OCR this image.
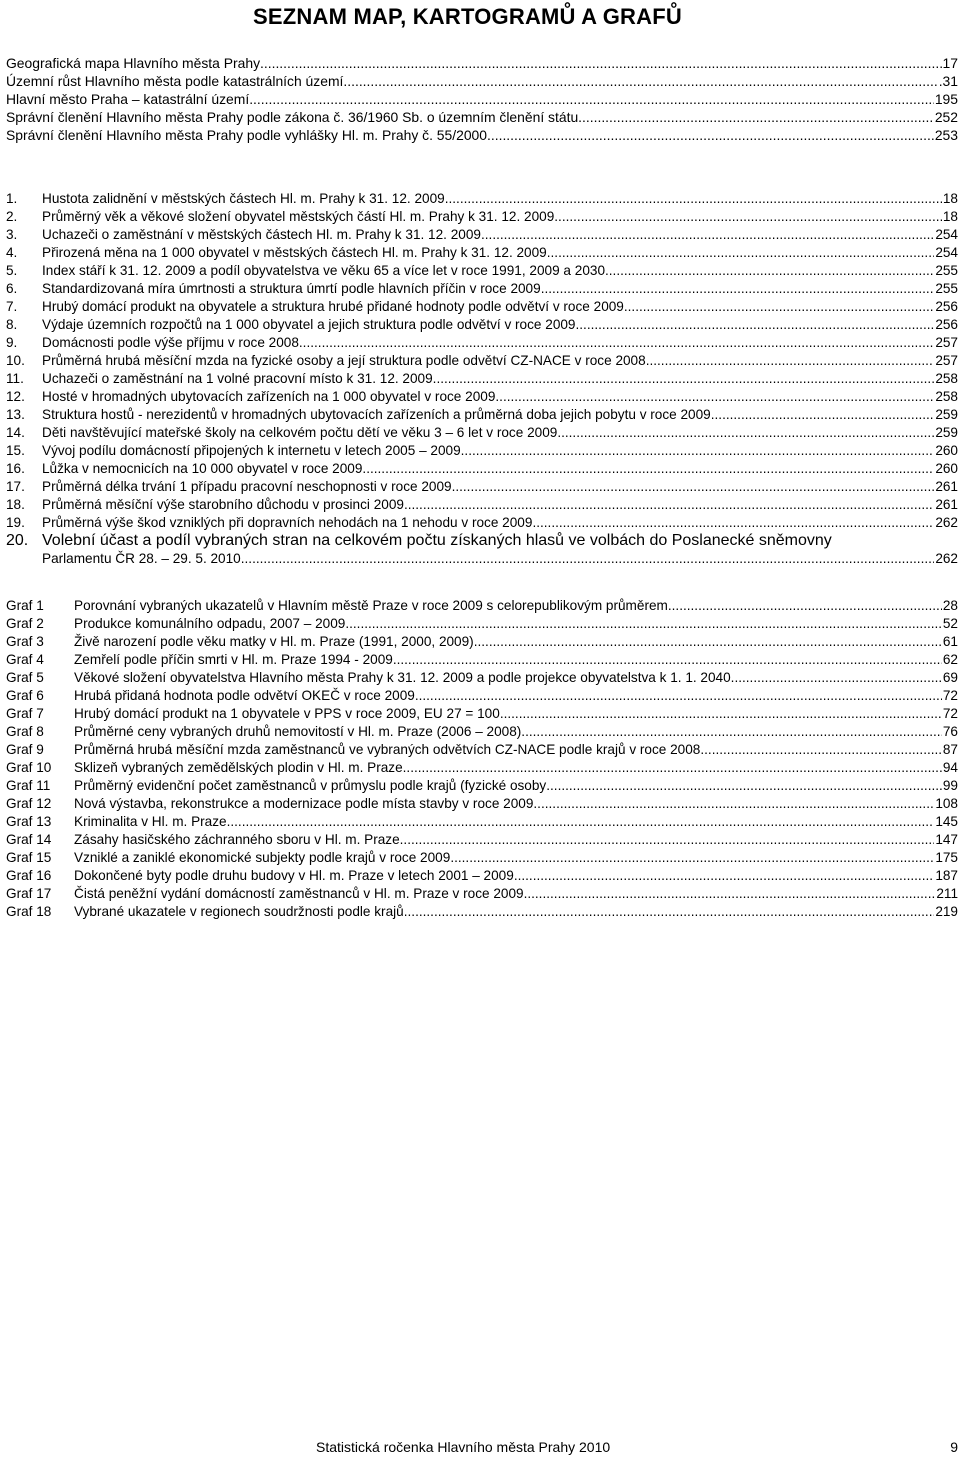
SEZNAM MAP, KARTOGRAMŮ A GRAFŮ
Geografická mapa Hlavního města Prahy .....	17
Územní růst Hlavního města podle katastrálních území .....	.31
Hlavní město Praha – katastrální území .....	195
Správní členění Hlavního města Prahy podle zákona č. 36/1960 Sb. o územním členění státu .....	252
Správní členění Hlavního města Prahy podle vyhlášky Hl. m. Prahy č. 55/2000 .....	253
1.	Hustota zalidnění v městských částech Hl. m. Prahy k 31. 12. 2009 .....	18
2.	Průměrný věk a věkové složení obyvatel městských částí Hl. m. Prahy k 31. 12. 2009 .....	18
3.	Uchazeči o zaměstnání v městských částech Hl. m. Prahy k 31. 12. 2009 .....	254
4.	Přirozená měna na 1 000 obyvatel v městských částech Hl. m. Prahy k 31. 12. 2009 .....	254
5.	Index stáří k 31. 12. 2009 a podíl obyvatelstva ve věku 65 a více let v roce 1991, 2009 a 2030 .....	255
6.	Standardizovaná míra úmrtnosti a struktura úmrtí podle hlavních příčin v roce 2009 .....	255
7.	Hrubý domácí produkt na obyvatele a struktura hrubé přidané hodnoty podle odvětví v roce 2009 .....	256
8.	Výdaje územních rozpočtů na 1 000 obyvatel a jejich struktura podle odvětví v roce 2009 .....	256
9.	Domácnosti podle výše příjmu v roce 2008 .....	257
10.	Průměrná hrubá měsíční mzda na fyzické osoby a její struktura podle odvětví CZ-NACE v roce 2008 .....	257
11.	Uchazeči o zaměstnání na 1 volné pracovní místo k 31. 12. 2009 .....	258
12.	Hosté v hromadných ubytovacích zařízeních na 1 000 obyvatel v roce 2009 .....	258
13.	Struktura hostů - nerezidentů v hromadných ubytovacích zařízeních a průměrná doba jejich pobytu v roce 2009 .....	259
14.	Děti navštěvující mateřské školy na celkovém počtu dětí ve věku 3 – 6 let v roce 2009 .....	259
15.	Vývoj podílu domácností připojených k internetu v letech 2005 – 2009 .....	260
16.	Lůžka v nemocnicích na 10 000 obyvatel v roce 2009 .....	260
17.	Průměrná délka trvání 1 případu pracovní neschopnosti v roce 2009 .....	261
18.	Průměrná měsíční výše starobního důchodu v prosinci 2009 .....	261
19.	Průměrná výše škod vzniklých při dopravních nehodách na 1 nehodu v roce 2009 .....	262
20. Volební účast a podíl vybraných stran na celkovém počtu získaných hlasů ve volbách do Poslanecké sněmovny
Parlamentu ČR 28. – 29. 5. 2010 .....	262
Graf 1	Porovnání vybraných ukazatelů v Hlavním městě Praze v roce 2009 s celorepublikovým průměrem .....	28
Graf 2	Produkce komunálního odpadu, 2007 – 2009 .....	52
Graf 3	Živě narození podle věku matky v Hl. m. Praze (1991, 2000, 2009) .....	61
Graf 4	Zemřelí podle příčin smrti v Hl. m. Praze 1994 - 2009 .....	62
Graf 5	Věkové složení obyvatelstva Hlavního města Prahy k 31. 12. 2009 a podle projekce obyvatelstva k 1. 1. 2040 .....	69
Graf 6	Hrubá přidaná hodnota podle odvětví OKEČ v roce 2009 .....	72
Graf 7	Hrubý domácí produkt na 1 obyvatele v PPS v roce 2009, EU 27 = 100 .....	72
Graf 8	Průměrné ceny vybraných druhů nemovitostí v Hl. m. Praze (2006 – 2008) .....	76
Graf 9	Průměrná hrubá měsíční mzda zaměstnanců ve vybraných odvětvích CZ-NACE podle krajů v roce 2008 .....	87
Graf 10	Sklizeň vybraných zemědělských plodin v Hl. m. Praze .....	94
Graf 11	Průměrný evidenční počet zaměstnanců v průmyslu podle krajů (fyzické osoby .....	99
Graf 12	Nová výstavba, rekonstrukce a modernizace podle místa stavby v roce 2009 .....	108
Graf 13	Kriminalita v Hl. m. Praze .....	145
Graf 14	Zásahy hasičského záchranného sboru v Hl. m. Praze .....	147
Graf 15	Vzniklé a zaniklé ekonomické subjekty podle krajů v roce 2009 .....	175
Graf 16	Dokončené byty podle druhu budovy v Hl. m. Praze v letech 2001 – 2009 .....	187
Graf 17	Čistá peněžní vydání domácností zaměstnanců v Hl. m. Praze v roce 2009 .....	211
Graf 18	Vybrané ukazatele v regionech soudržnosti podle krajů .....	219
Statistická ročenka Hlavního města Prahy 2010	9
